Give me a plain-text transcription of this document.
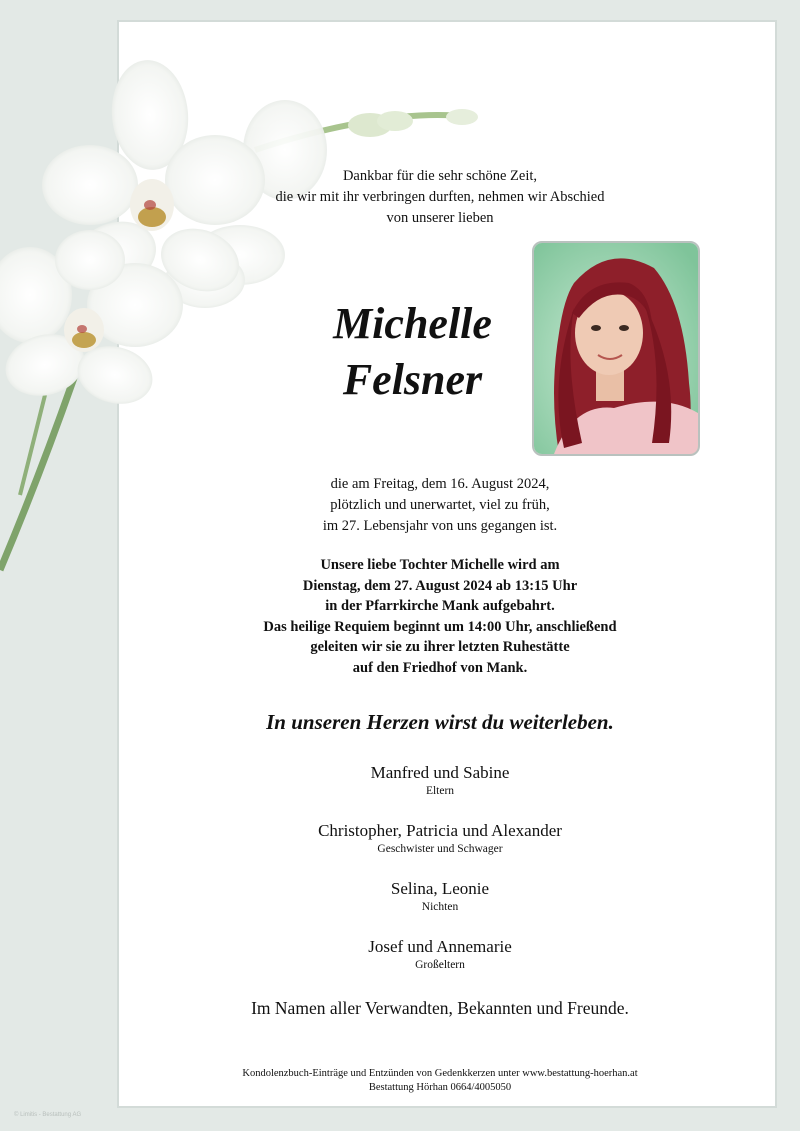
Dankbar für die sehr schöne Zeit,
die wir mit ihr verbringen durften, nehmen wir Abschied
von unserer lieben
Michelle
Felsner
die am Freitag, dem 16. August 2024,
plötzlich und unerwartet, viel zu früh,
im 27. Lebensjahr von uns gegangen ist.
Unsere liebe Tochter Michelle wird am
Dienstag, dem 27. August 2024 ab 13:15 Uhr
in der Pfarrkirche Mank aufgebahrt.
Das heilige Requiem beginnt um 14:00 Uhr, anschließend
geleiten wir sie zu ihrer letzten Ruhestätte
auf den Friedhof von Mank.
In unseren Herzen wirst du weiterleben.
Manfred und Sabine
Eltern
Christopher, Patricia und Alexander
Geschwister und Schwager
Selina, Leonie
Nichten
Josef und Annemarie
Großeltern
Im Namen aller Verwandten, Bekannten und Freunde.
Kondolenzbuch-Einträge und Entzünden von Gedenkkerzen unter www.bestattung-hoerhan.at
Bestattung Hörhan 0664/4005050
© Limitis - Bestattung AG
